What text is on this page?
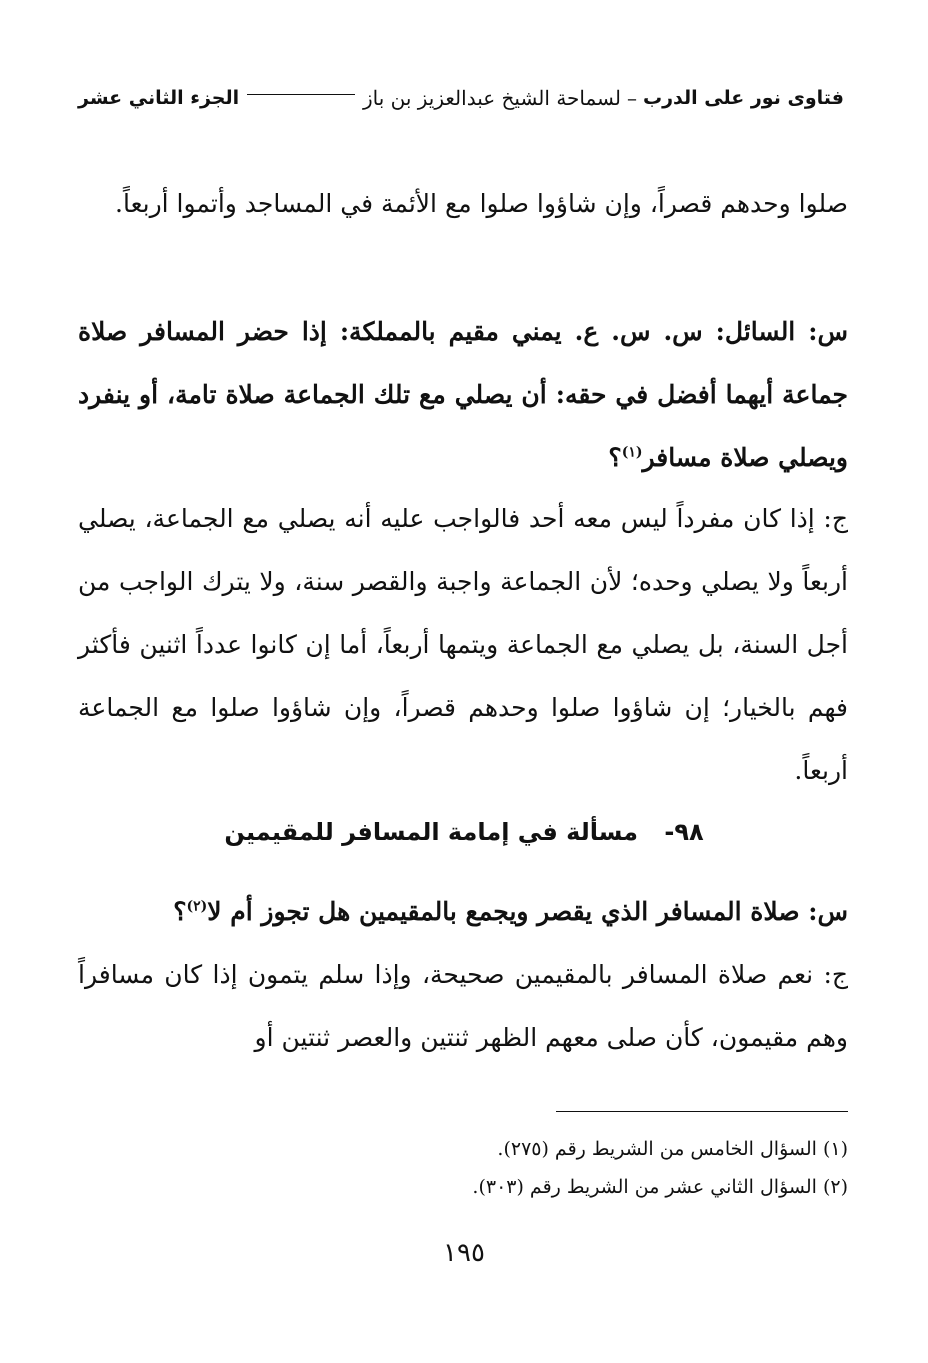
فتاوى نور على الدرب
–
لسماحة الشيخ عبدالعزيز بن باز
الجزء الثاني عشر
صلوا وحدهم قصراً، وإن شاؤوا صلوا مع الأئمة في المساجد وأتموا أربعاً.
س: السائل: س. س. ع. يمني مقيم بالمملكة: إذا حضر المسافر صلاة جماعة أيهما أفضل في حقه: أن يصلي مع تلك الجماعة صلاة تامة، أو ينفرد ويصلي صلاة مسافر$^{(١)}$؟
ج: إذا كان مفرداً ليس معه أحد فالواجب عليه أنه يصلي مع الجماعة، يصلي أربعاً ولا يصلي وحده؛ لأن الجماعة واجبة والقصر سنة، ولا يترك الواجب من أجل السنة، بل يصلي مع الجماعة ويتمها أربعاً، أما إن كانوا عدداً اثنين فأكثر فهم بالخيار؛ إن شاؤوا صلوا وحدهم قصراً، وإن شاؤوا صلوا مع الجماعة أربعاً.
٩٨- مسألة في إمامة المسافر للمقيمين
س: صلاة المسافر الذي يقصر ويجمع بالمقيمين هل تجوز أم لا$^{(٢)}$؟
ج: نعم صلاة المسافر بالمقيمين صحيحة، وإذا سلم يتمون إذا كان مسافراً وهم مقيمون، كأن صلى معهم الظهر ثنتين والعصر ثنتين أو
(١) السؤال الخامس من الشريط رقم (٢٧٥).
(٢) السؤال الثاني عشر من الشريط رقم (٣٠٣).
١٩٥
